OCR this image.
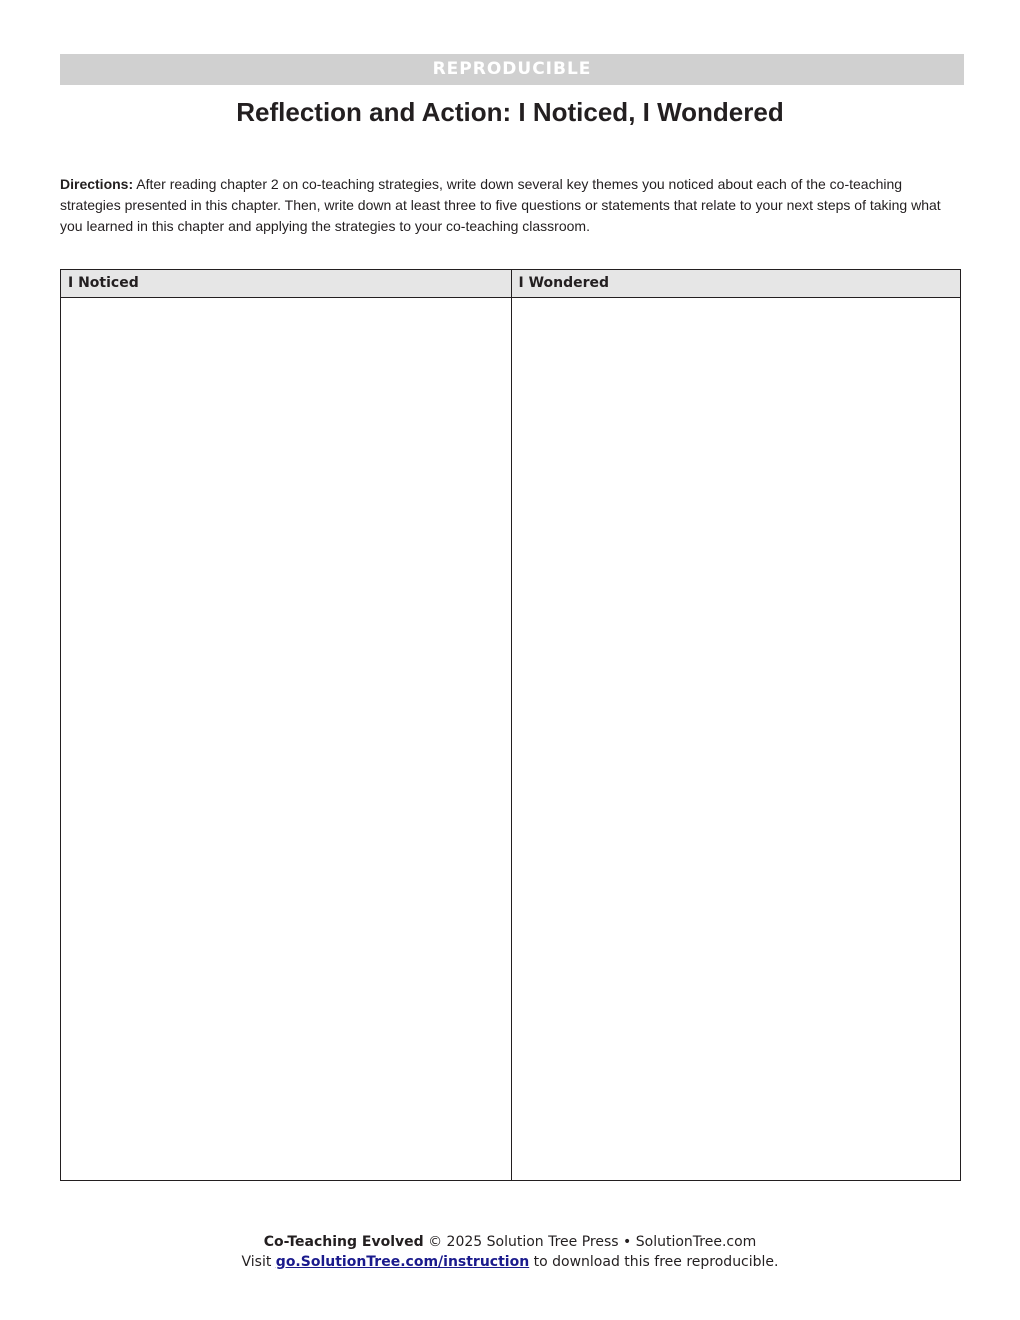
REPRODUCIBLE
Reflection and Action: I Noticed, I Wondered

Directions: After reading chapter 2 on co-teaching strategies, write down several key themes you noticed about each of the co-teaching strategies presented in this chapter. Then, write down at least three to five questions or statements that relate to your next steps of taking what you learned in this chapter and applying the strategies to your co-teaching classroom.

I Noticed	I Wondered
Co-Teaching Evolved © 2025 Solution Tree Press • SolutionTree.com
Visit go.SolutionTree.com/instruction to download this free reproducible.
